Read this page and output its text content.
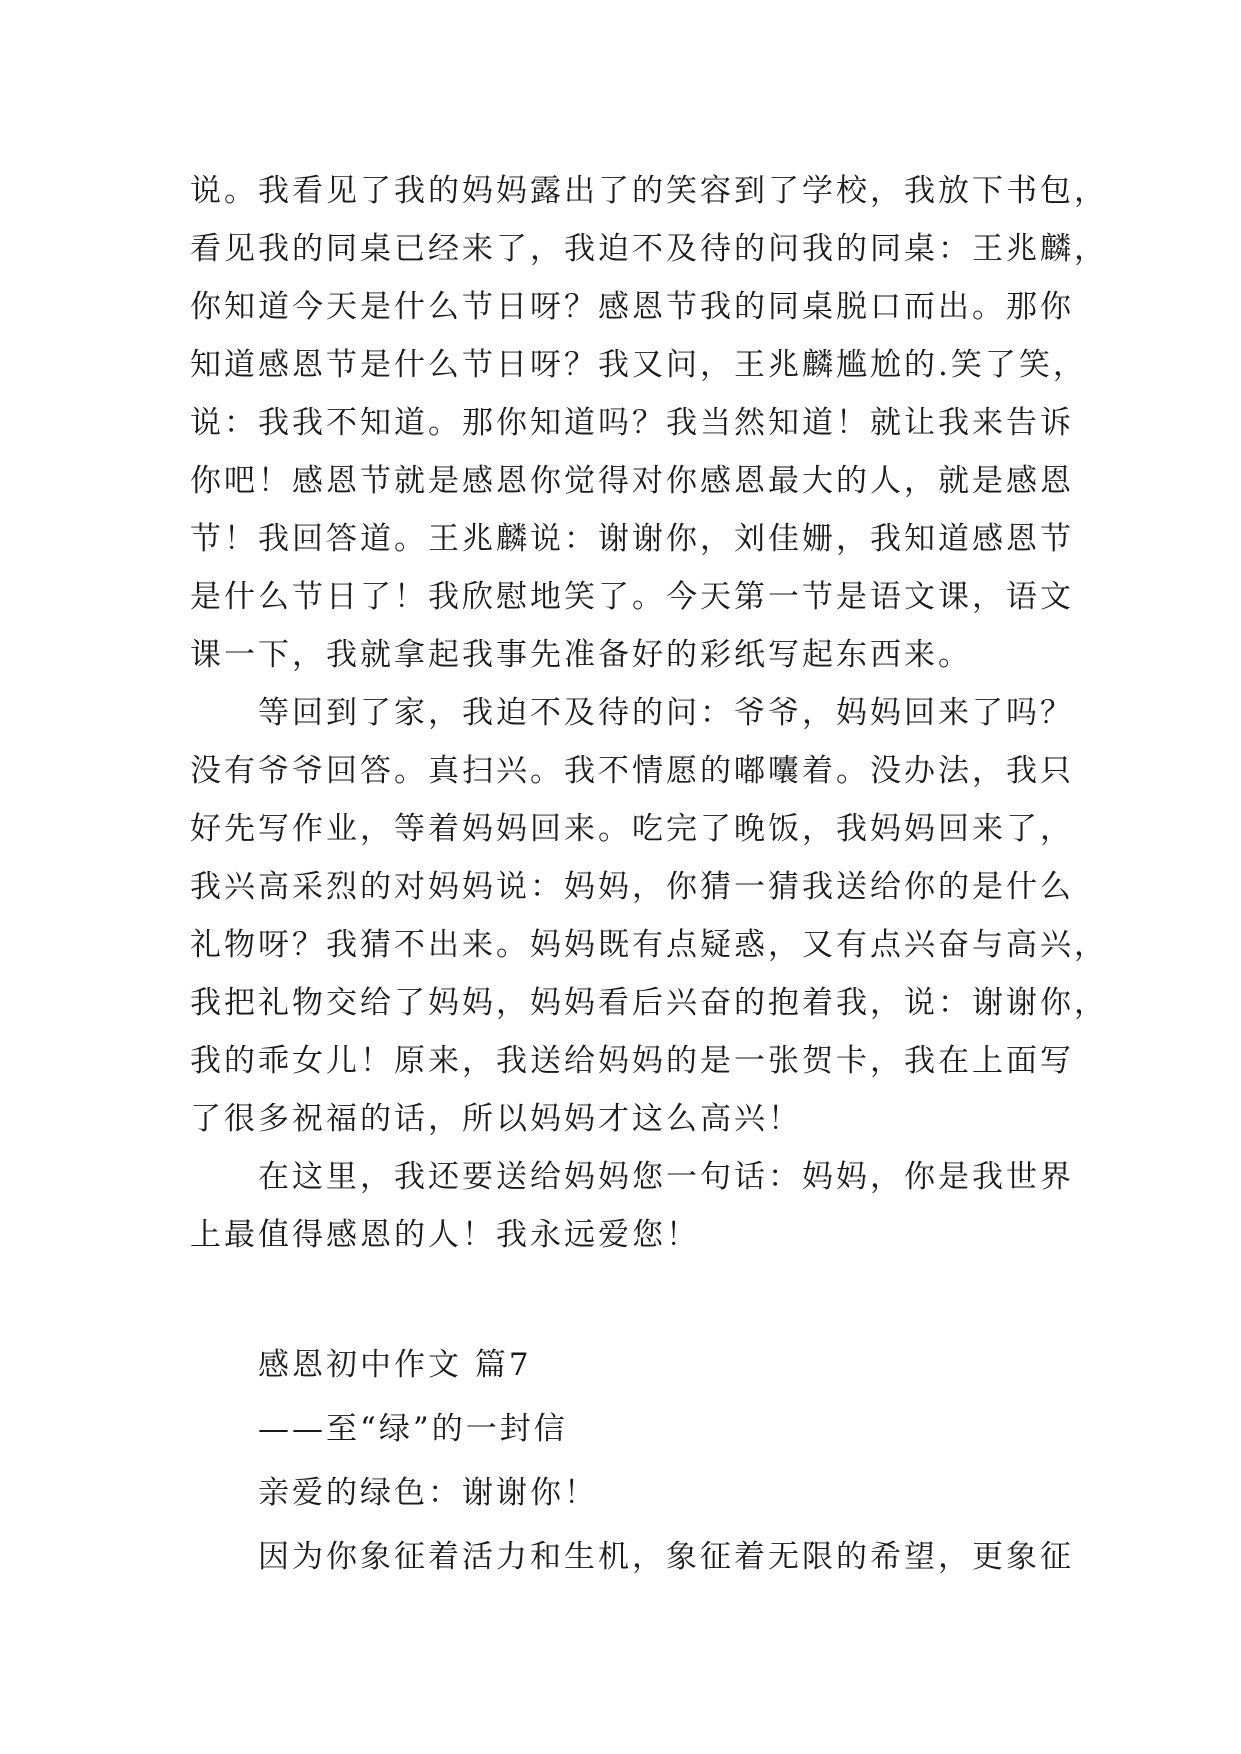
说。我看见了我的妈妈露出了的笑容到了学校，我放下书包，
看见我的同桌已经来了，我迫不及待的问我的同桌：王兆麟，
你知道今天是什么节日呀？感恩节我的同桌脱口而出。那你
知道感恩节是什么节日呀？我又问，王兆麟尴尬的.笑了笑，
说：我我不知道。那你知道吗？我当然知道！就让我来告诉
你吧！感恩节就是感恩你觉得对你感恩最大的人，就是感恩
节！我回答道。王兆麟说：谢谢你，刘佳姗，我知道感恩节
是什么节日了！我欣慰地笑了。今天第一节是语文课，语文
课一下，我就拿起我事先准备好的彩纸写起东西来。
　　等回到了家，我迫不及待的问：爷爷，妈妈回来了吗？
没有爷爷回答。真扫兴。我不情愿的嘟囔着。没办法，我只
好先写作业，等着妈妈回来。吃完了晚饭，我妈妈回来了，
我兴高采烈的对妈妈说：妈妈，你猜一猜我送给你的是什么
礼物呀？我猜不出来。妈妈既有点疑惑，又有点兴奋与高兴，
我把礼物交给了妈妈，妈妈看后兴奋的抱着我，说：谢谢你，
我的乖女儿！原来，我送给妈妈的是一张贺卡，我在上面写
了很多祝福的话，所以妈妈才这么高兴！
　　在这里，我还要送给妈妈您一句话：妈妈，你是我世界
上最值得感恩的人！我永远爱您！
　　感恩初中作文 篇7
　　——至“绿”的一封信
　　亲爱的绿色：谢谢你！
　　因为你象征着活力和生机，象征着无限的希望，更象征
